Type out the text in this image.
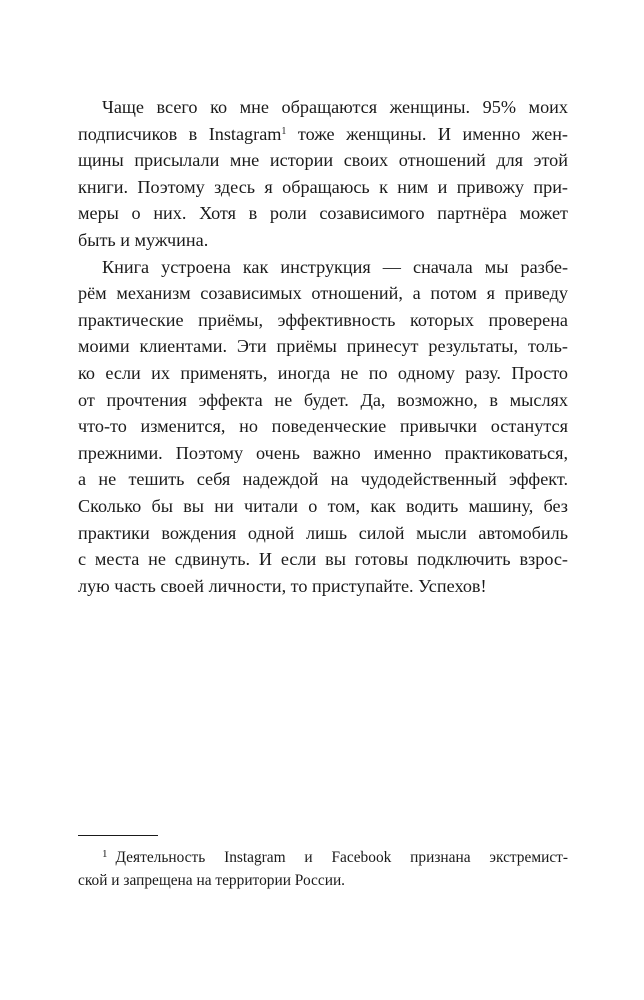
Чаще всего ко мне обращаются женщины. 95% моих
подписчиков в Instagram$^1$ тоже женщины. И именно жен-
щины присылали мне истории своих отношений для этой
книги. Поэтому здесь я обращаюсь к ним и привожу при-
меры о них. Хотя в роли созависимого партнёра может
быть и мужчина.
Книга устроена как инструкция — сначала мы разбе-
рём механизм созависимых отношений, а потом я приведу
практические приёмы, эффективность которых проверена
моими клиентами. Эти приёмы принесут результаты, толь-
ко если их применять, иногда не по одному разу. Просто
от прочтения эффекта не будет. Да, возможно, в мыслях
что-то изменится, но поведенческие привычки останутся
прежними. Поэтому очень важно именно практиковаться,
а не тешить себя надеждой на чудодейственный эффект.
Сколько бы вы ни читали о том, как водить машину, без
практики вождения одной лишь силой мысли автомобиль
с места не сдвинуть. И если вы готовы подключить взрос-
лую часть своей личности, то приступайте. Успехов!
$^1$ Деятельность Instagram и Facebook признана экстремист-
ской и запрещена на территории России.
